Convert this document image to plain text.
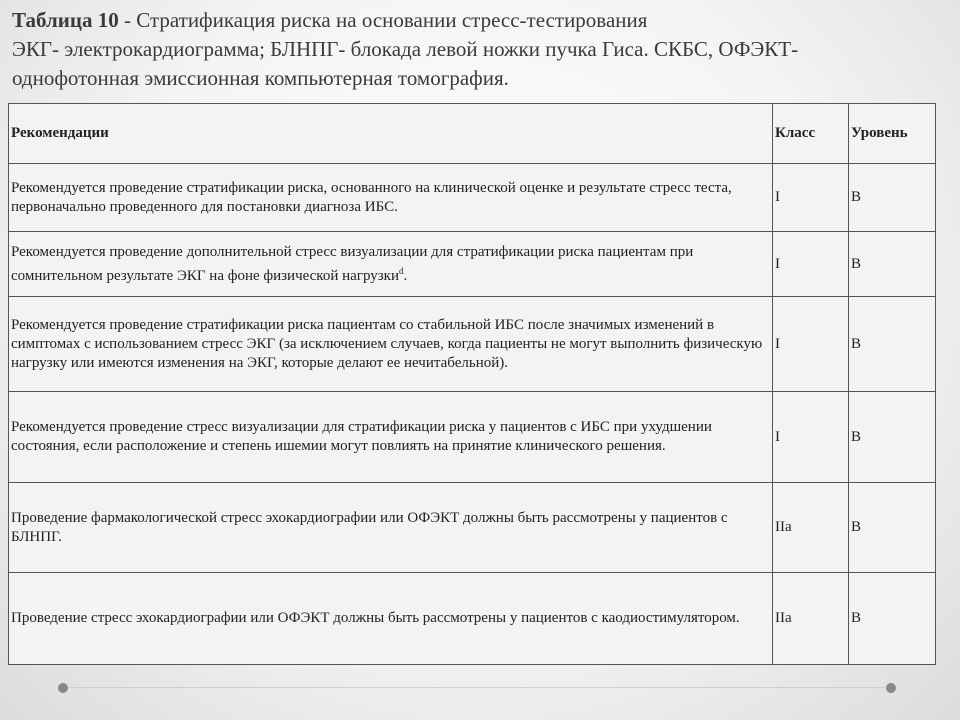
Таблица 10 - Стратификация риска на основании стресс-тестирования
ЭКГ- электрокардиограмма; БЛНПГ- блокада левой ножки пучка Гиса. СКБС, ОФЭКТ-
однофотонная эмиссионная компьютерная томография.
Рекомендации	Класс	Уровень
Рекомендуется проведение стратификации риска, основанного на клинической оценке и результате стресс теста, первоначально проведенного для постановки диагноза ИБС.	I	B
Рекомендуется проведение дополнительной стресс визуализации для стратификации риска пациентам при сомнительном результате ЭКГ на фоне физической нагрузки$^d$.	I	B
Рекомендуется проведение стратификации риска пациентам со стабильной ИБС после значимых изменений в симптомах с использованием стресс ЭКГ (за исключением случаев, когда пациенты не могут выполнить физическую нагрузку или имеются изменения на ЭКГ, которые делают ее нечитабельной).	I	B
Рекомендуется проведение стресс визуализации для стратификации риска у пациентов с ИБС при ухудшении состояния, если расположение и степень ишемии могут повлиять на принятие клинического решения.	I	B
Проведение фармакологической стресс эхокардиографии или ОФЭКТ должны быть рассмотрены у пациентов с БЛНПГ.	IIa	B
Проведение стресс эхокардиографии или ОФЭКТ должны быть рассмотрены у пациентов с каодиостимулятором.	IIa	B
